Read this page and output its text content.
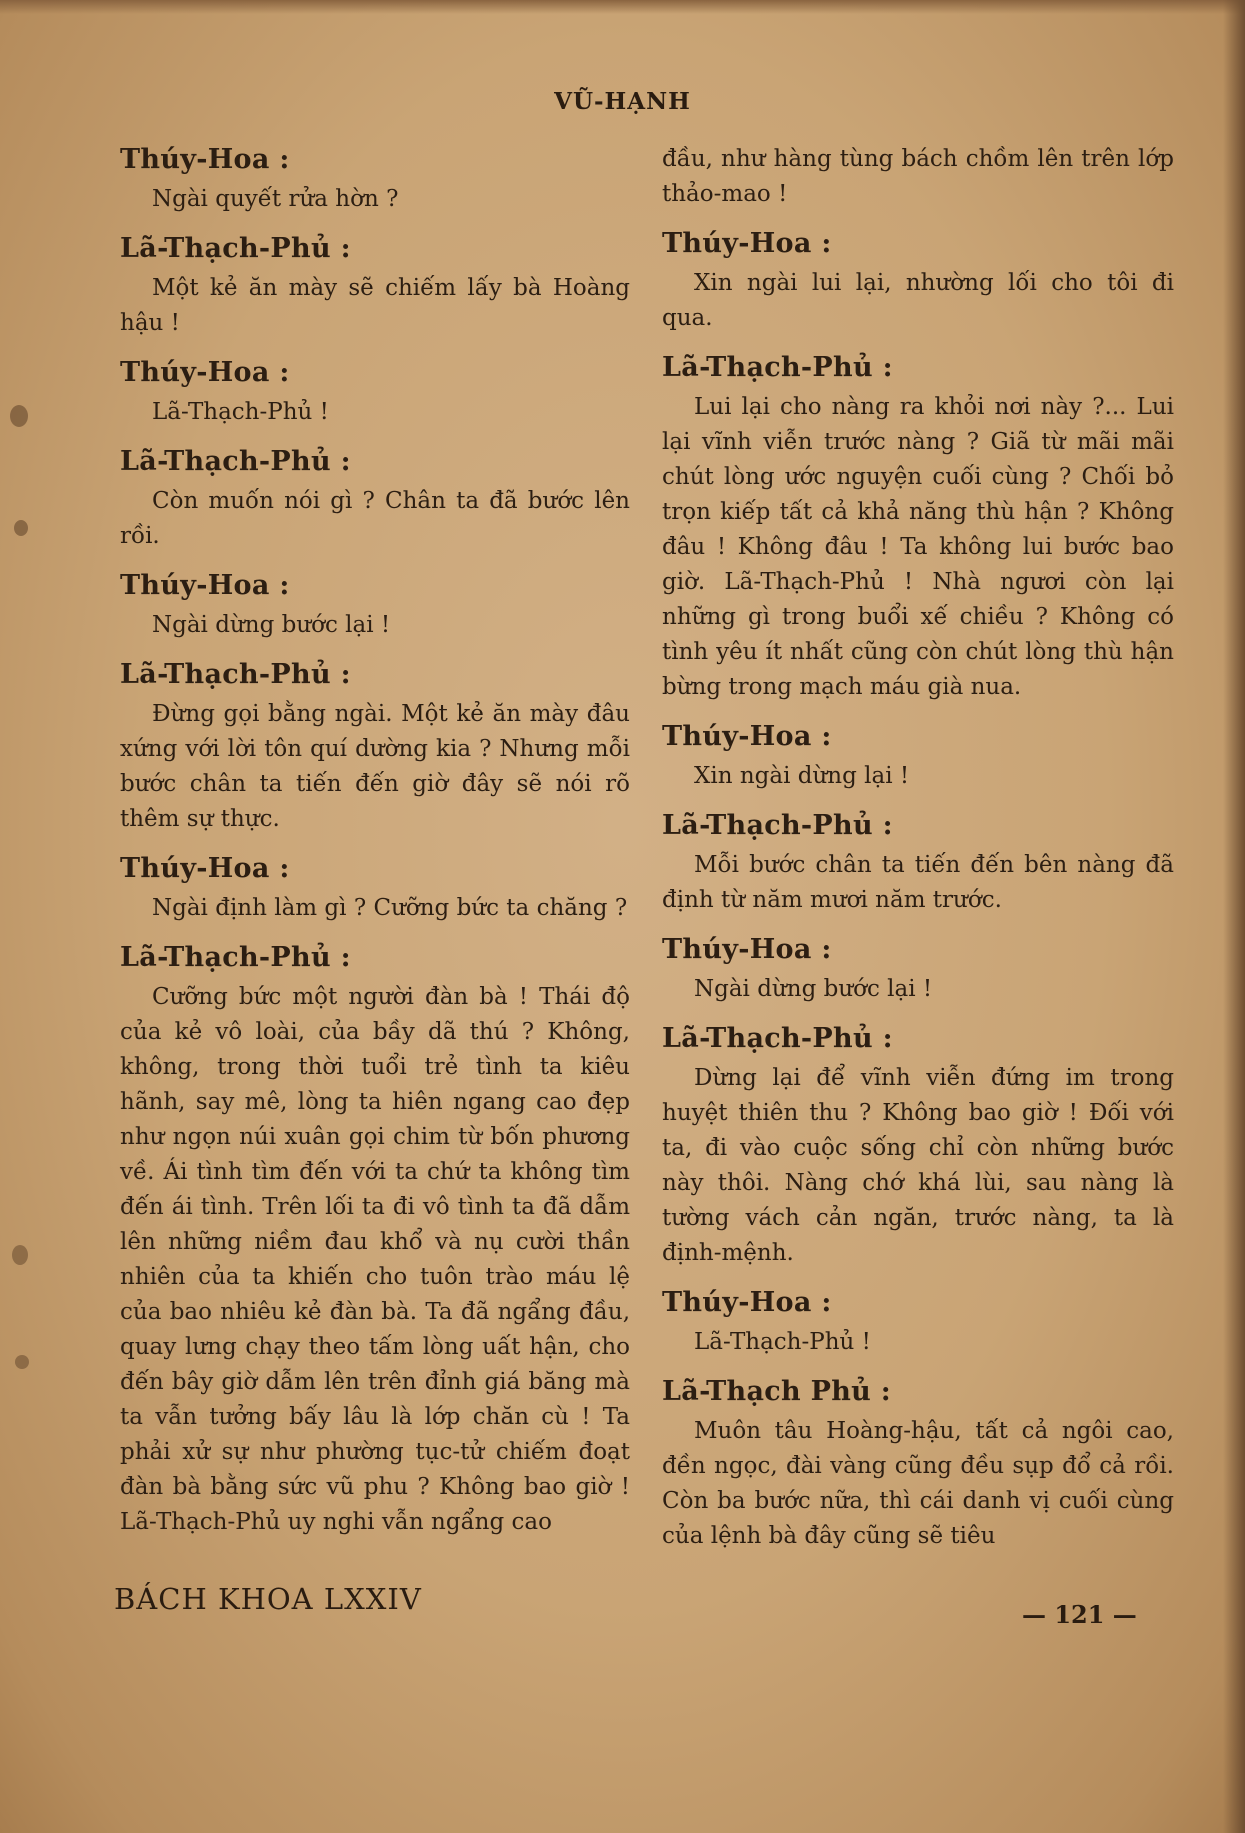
VŨ-HẠNH
Thúy-Hoa :
Ngài quyết rửa hờn ?
Lã-Thạch-Phủ :
Một kẻ ăn mày sẽ chiếm lấy bà Hoàng hậu !
Thúy-Hoa :
Lã-Thạch-Phủ !
Lã-Thạch-Phủ :
Còn muốn nói gì ? Chân ta đã bước lên rồi.
Thúy-Hoa :
Ngài dừng bước lại !
Lã-Thạch-Phủ :
Đừng gọi bằng ngài. Một kẻ ăn mày đâu xứng với lời tôn quí dường kia ? Nhưng mỗi bước chân ta tiến đến giờ đây sẽ nói rõ thêm sự thực.
Thúy-Hoa :
Ngài định làm gì ? Cưỡng bức ta chăng ?
Lã-Thạch-Phủ :
Cưỡng bức một người đàn bà ! Thái độ của kẻ vô loài, của bầy dã thú ? Không, không, trong thời tuổi trẻ tình ta kiêu hãnh, say mê, lòng ta hiên ngang cao đẹp như ngọn núi xuân gọi chim từ bốn phương về. Ái tình tìm đến với ta chứ ta không tìm đến ái tình. Trên lối ta đi vô tình ta đã dẫm lên những niềm đau khổ và nụ cười thần nhiên của ta khiến cho tuôn trào máu lệ của bao nhiêu kẻ đàn bà. Ta đã ngẩng đầu, quay lưng chạy theo tấm lòng uất hận, cho đến bây giờ dẫm lên trên đỉnh giá băng mà ta vẫn tưởng bấy lâu là lớp chăn cù ! Ta phải xử sự như phường tục-tử chiếm đoạt đàn bà bằng sức vũ phu ? Không bao giờ ! Lã-Thạch-Phủ uy nghi vẫn ngẩng cao
đầu, như hàng tùng bách chồm lên trên lớp thảo-mao !
Thúy-Hoa :
Xin ngài lui lại, nhường lối cho tôi đi qua.
Lã-Thạch-Phủ :
Lui lại cho nàng ra khỏi nơi này ?... Lui lại vĩnh viễn trước nàng ? Giã từ mãi mãi chút lòng ước nguyện cuối cùng ? Chối bỏ trọn kiếp tất cả khả năng thù hận ? Không đâu ! Không đâu ! Ta không lui bước bao giờ. Lã-Thạch-Phủ ! Nhà ngươi còn lại những gì trong buổi xế chiều ? Không có tình yêu ít nhất cũng còn chút lòng thù hận bừng trong mạch máu già nua.
Thúy-Hoa :
Xin ngài dừng lại !
Lã-Thạch-Phủ :
Mỗi bước chân ta tiến đến bên nàng đã định từ năm mươi năm trước.
Thúy-Hoa :
Ngài dừng bước lại !
Lã-Thạch-Phủ :
Dừng lại để vĩnh viễn đứng im trong huyệt thiên thu ? Không bao giờ ! Đối với ta, đi vào cuộc sống chỉ còn những bước này thôi. Nàng chớ khá lùi, sau nàng là tường vách cản ngăn, trước nàng, ta là định-mệnh.
Thúy-Hoa :
Lã-Thạch-Phủ !
Lã-Thạch Phủ :
Muôn tâu Hoàng-hậu, tất cả ngôi cao, đền ngọc, đài vàng cũng đều sụp đổ cả rồi. Còn ba bước nữa, thì cái danh vị cuối cùng của lệnh bà đây cũng sẽ tiêu
BÁCH KHOA LXXIV	— 121 —
